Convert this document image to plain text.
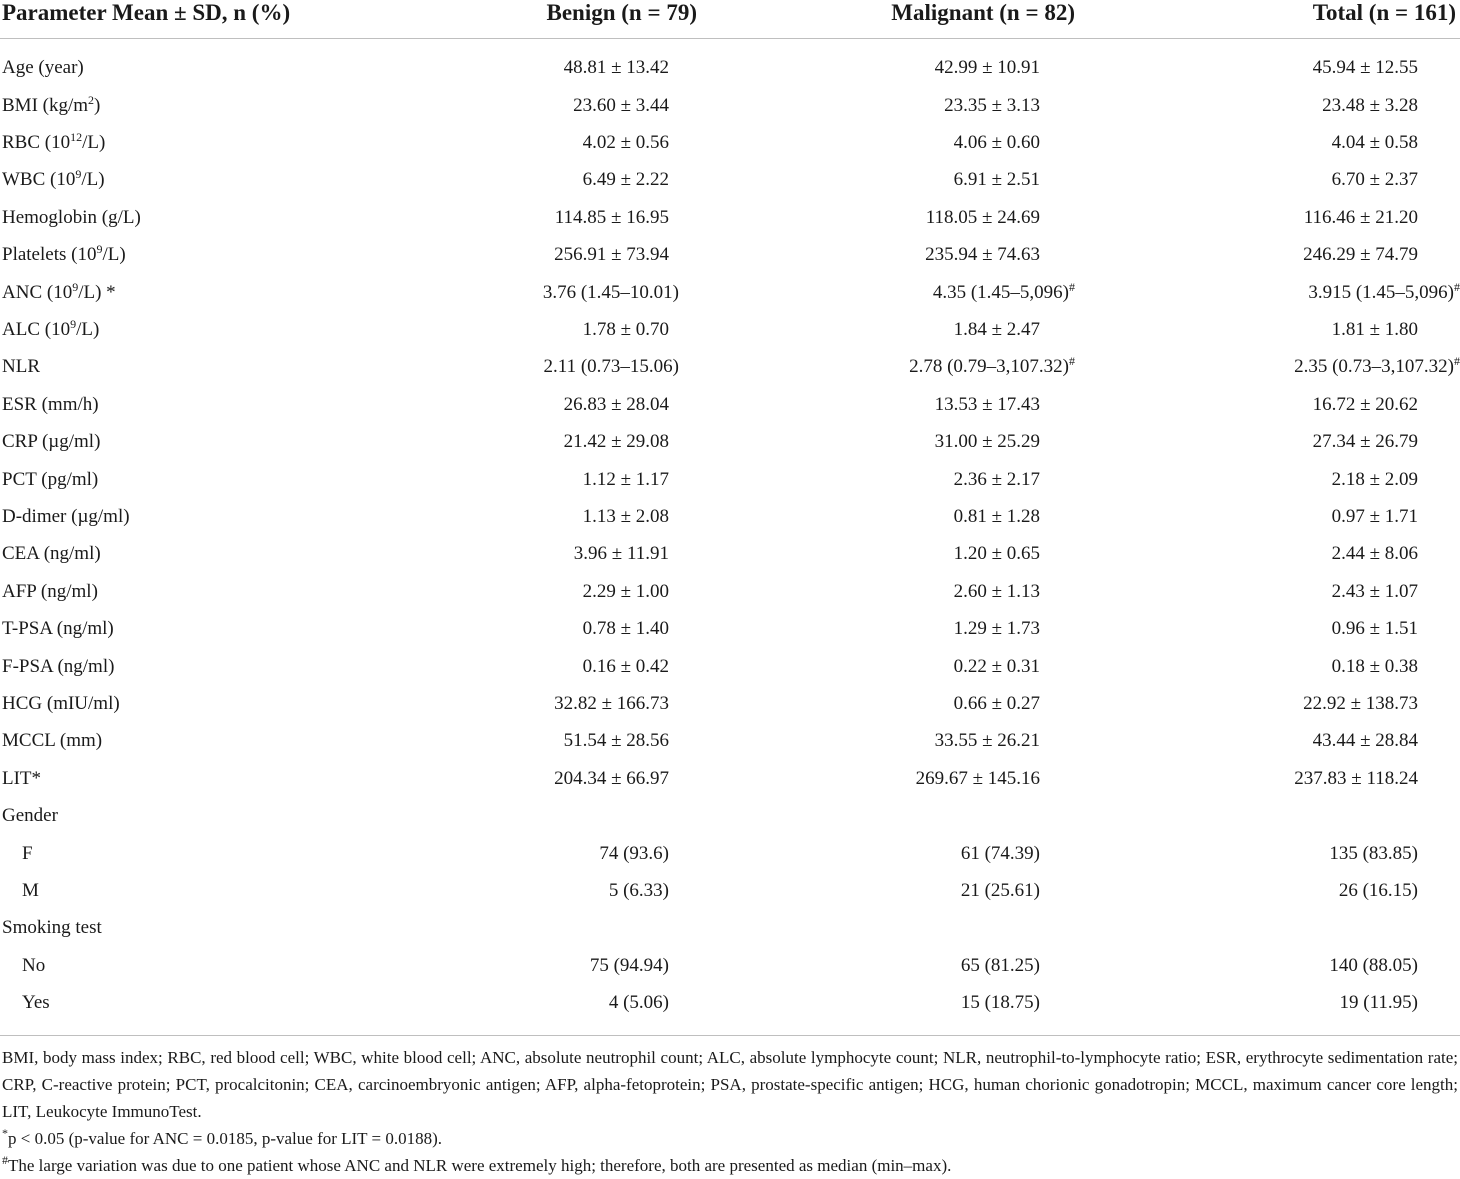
Parameter Mean ± SD, n (%)	Benign (n = 79)	Malignant (n = 82)	Total (n = 161)
Age (year)	48.81 ± 13.42	42.99 ± 10.91	45.94 ± 12.55
BMI $(kg/m^2)$	23.60 ± 3.44	23.35 ± 3.13	23.48 ± 3.28
RBC $(10^{12}/L)$	4.02 ± 0.56	4.06 ± 0.60	4.04 ± 0.58
WBC $(10^9/L)$	6.49 ± 2.22	6.91 ± 2.51	6.70 ± 2.37
Hemoglobin (g/L)	114.85 ± 16.95	118.05 ± 24.69	116.46 ± 21.20
Platelets $(10^9/L)$	256.91 ± 73.94	235.94 ± 74.63	246.29 ± 74.79
ANC $(10^9/L)$ *	3.76 (1.45–10.01)	4.35 (1.45–5,096)#	3.915 (1.45–5,096)#
ALC $(10^9/L)$	1.78 ± 0.70	1.84 ± 2.47	1.81 ± 1.80
NLR	2.11 (0.73–15.06)	2.78 (0.79–3,107.32)#	2.35 (0.73–3,107.32)#
ESR (mm/h)	26.83 ± 28.04	13.53 ± 17.43	16.72 ± 20.62
CRP (µg/ml)	21.42 ± 29.08	31.00 ± 25.29	27.34 ± 26.79
PCT (pg/ml)	1.12 ± 1.17	2.36 ± 2.17	2.18 ± 2.09
D-dimer (µg/ml)	1.13 ± 2.08	0.81 ± 1.28	0.97 ± 1.71
CEA (ng/ml)	3.96 ± 11.91	1.20 ± 0.65	2.44 ± 8.06
AFP (ng/ml)	2.29 ± 1.00	2.60 ± 1.13	2.43 ± 1.07
T-PSA (ng/ml)	0.78 ± 1.40	1.29 ± 1.73	0.96 ± 1.51
F-PSA (ng/ml)	0.16 ± 0.42	0.22 ± 0.31	0.18 ± 0.38
HCG (mIU/ml)	32.82 ± 166.73	0.66 ± 0.27	22.92 ± 138.73
MCCL (mm)	51.54 ± 28.56	33.55 ± 26.21	43.44 ± 28.84
LIT*	204.34 ± 66.97	269.67 ± 145.16	237.83 ± 118.24
Gender			
F	74 (93.6)	61 (74.39)	135 (83.85)
M	5 (6.33)	21 (25.61)	26 (16.15)
Smoking test			
No	75 (94.94)	65 (81.25)	140 (88.05)
Yes	4 (5.06)	15 (18.75)	19 (11.95)

BMI, body mass index; RBC, red blood cell; WBC, white blood cell; ANC, absolute neutrophil count; ALC, absolute lymphocyte count; NLR, neutrophil-to-lymphocyte ratio; ESR, erythrocyte sedimentation rate; CRP, C-reactive protein; PCT, procalcitonin; CEA, carcinoembryonic antigen; AFP, alpha-fetoprotein; PSA, prostate-specific antigen; HCG, human chorionic gonadotropin; MCCL, maximum cancer core length; LIT, Leukocyte ImmunoTest.

*p < 0.05 (p-value for ANC = 0.0185, p-value for LIT = 0.0188).

#The large variation was due to one patient whose ANC and NLR were extremely high; therefore, both are presented as median (min–max).
